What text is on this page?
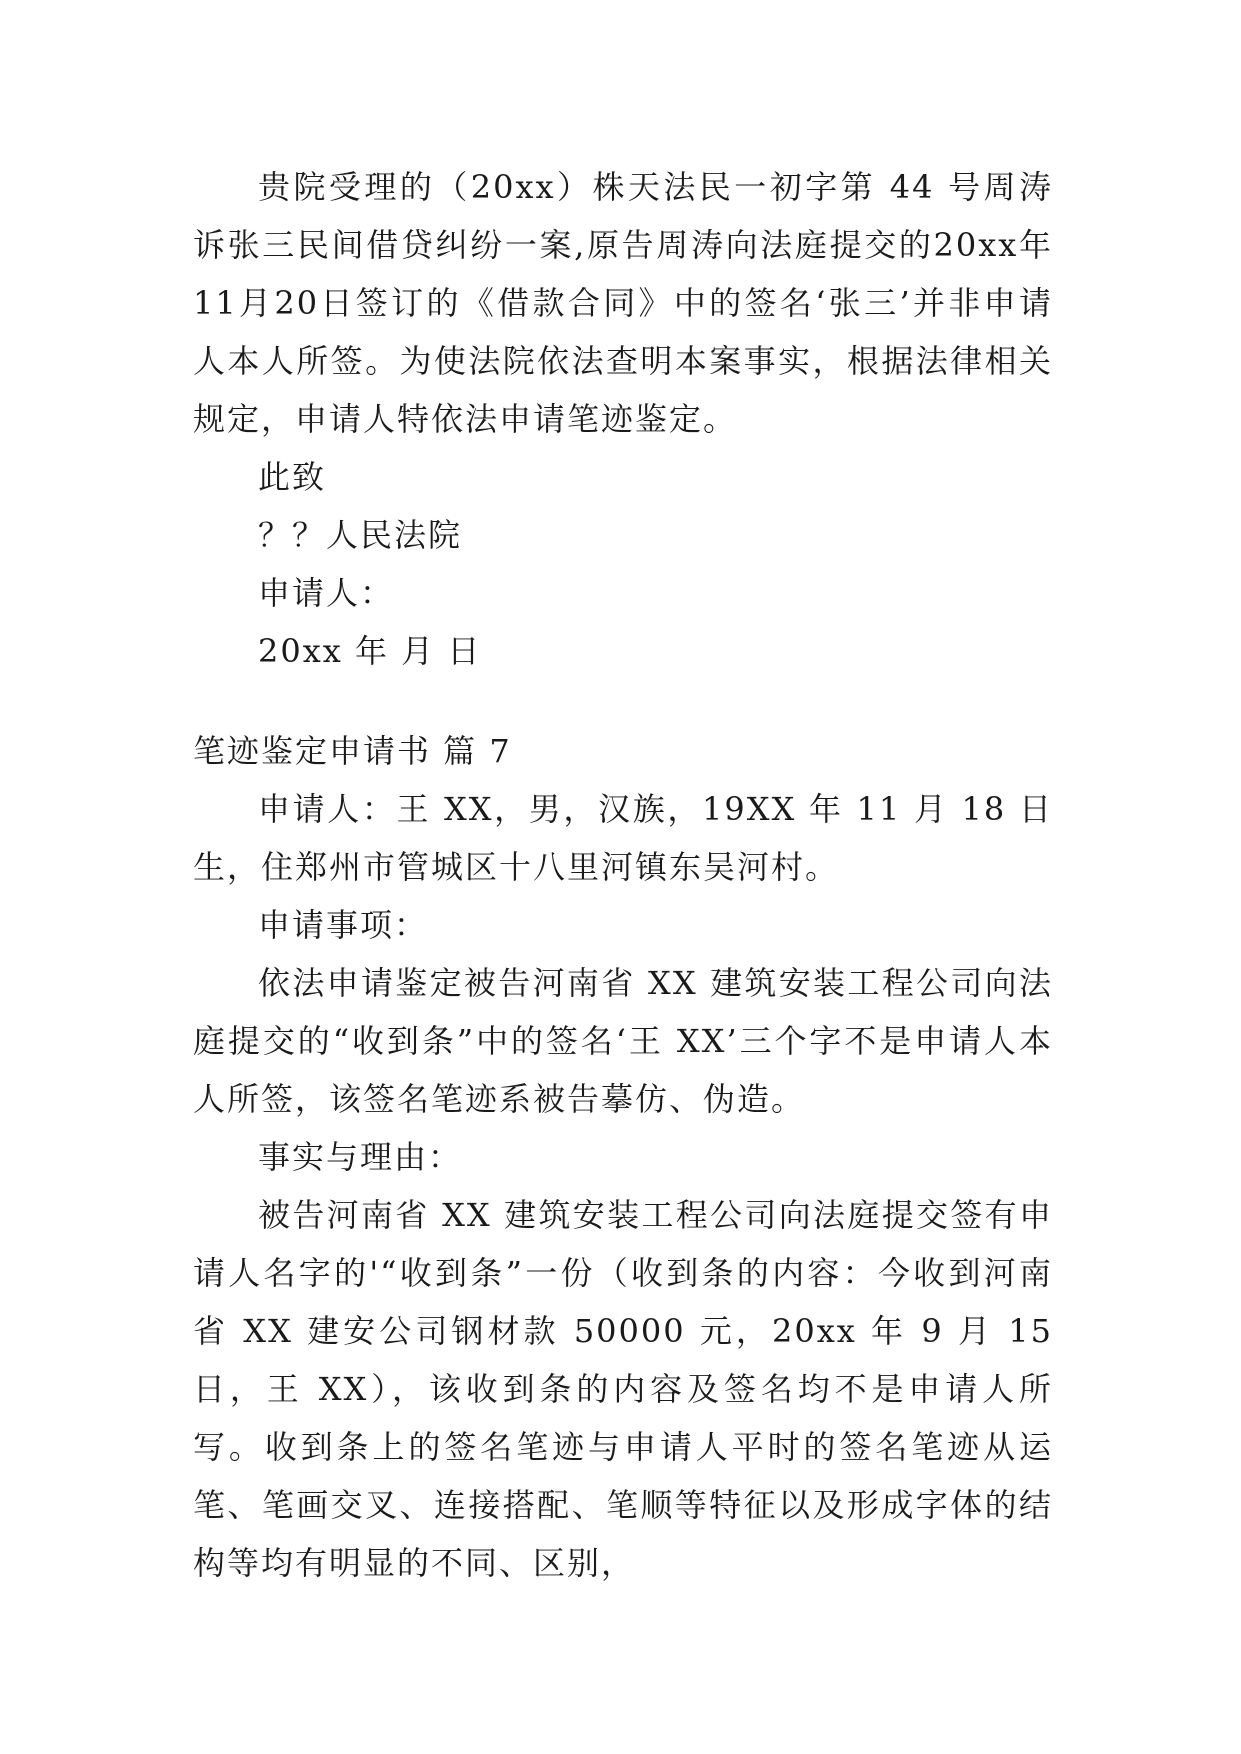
贵院受理的（20xx）株天法民一初字第 44 号周涛诉张三民间借贷纠纷一案,原告周涛向法庭提交的20xx年11月20日签订的《借款合同》中的签名‘张三’并非申请人本人所签。为使法院依法查明本案事实，根据法律相关规定，申请人特依法申请笔迹鉴定。

此致

？？人民法院

申请人：

20xx 年 月 日

笔迹鉴定申请书 篇 7

申请人：王 XX，男，汉族，19XX 年 11 月 18 日生，住郑州市管城区十八里河镇东吴河村。

申请事项：

依法申请鉴定被告河南省 XX 建筑安装工程公司向法庭提交的“收到条”中的签名‘王 XX’三个字不是申请人本人所签，该签名笔迹系被告摹仿、伪造。

事实与理由：

被告河南省 XX 建筑安装工程公司向法庭提交签有申请人名字的'“收到条”一份（收到条的内容：今收到河南省 XX 建安公司钢材款 50000 元，20xx 年 9 月 15 日，王 XX），该收到条的内容及签名均不是申请人所写。收到条上的签名笔迹与申请人平时的签名笔迹从运笔、笔画交叉、连接搭配、笔顺等特征以及形成字体的结构等均有明显的不同、区别，
